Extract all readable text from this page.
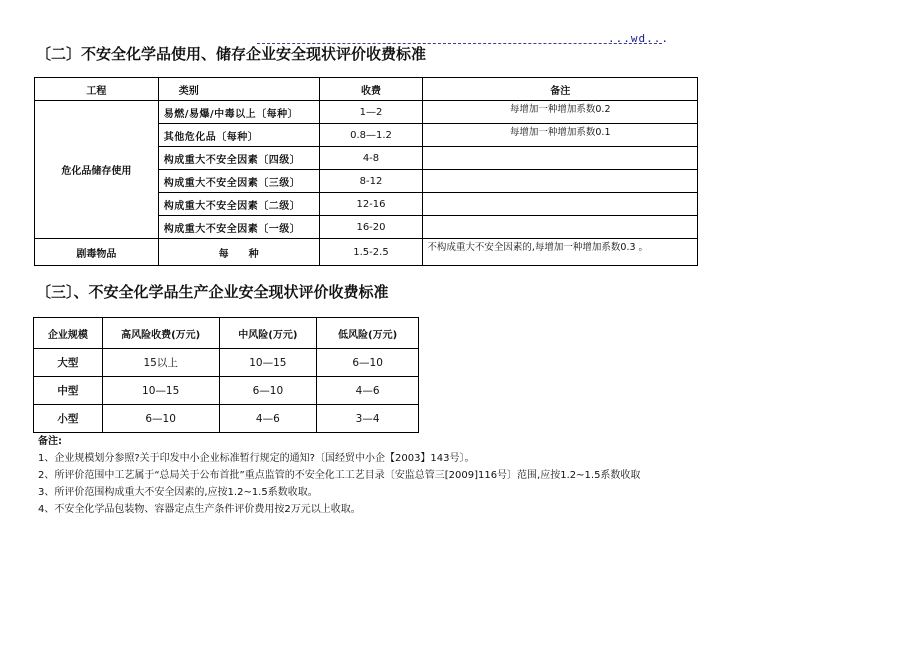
...wd...
〔二〕不安全化学品使用、储存企业安全现状评价收费标准
工程	类别	收费	备注
危化品储存使用	易燃/易爆/中毒以上〔每种〕	1—2	每增加一种增加系数0.2
	其他危化品〔每种〕	0.8—1.2	每增加一种增加系数0.1
	构成重大不安全因素〔四级〕	4-8	
	构成重大不安全因素〔三级〕	8-12	
	构成重大不安全因素〔二级〕	12-16	
	构成重大不安全因素〔一级〕	16-20	
剧毒物品	每　　种	1.5-2.5	不构成重大不安全因素的,每增加一种增加系数0.3 。
〔三〕、不安全化学品生产企业安全现状评价收费标准
企业规模	高风险收费(万元)	中风险(万元)	低风险(万元)
大型	15以上	10—15	6—10
中型	10—15	6—10	4—6
小型	6—10	4—6	3—4
备注:
1、企业规模划分参照?关于印发中小企业标准暂行规定的通知?〔国经贸中小企【2003】143号〕。
2、所评价范围中工艺属于“总局关于公布首批”重点监管的不安全化工工艺目录〔安监总管三[2009]116号〕范围,应按1.2~1.5系数收取
3、所评价范围构成重大不安全因素的,应按1.2~1.5系数收取。
4、不安全化学品包装物、容器定点生产条件评价费用按2万元以上收取。
